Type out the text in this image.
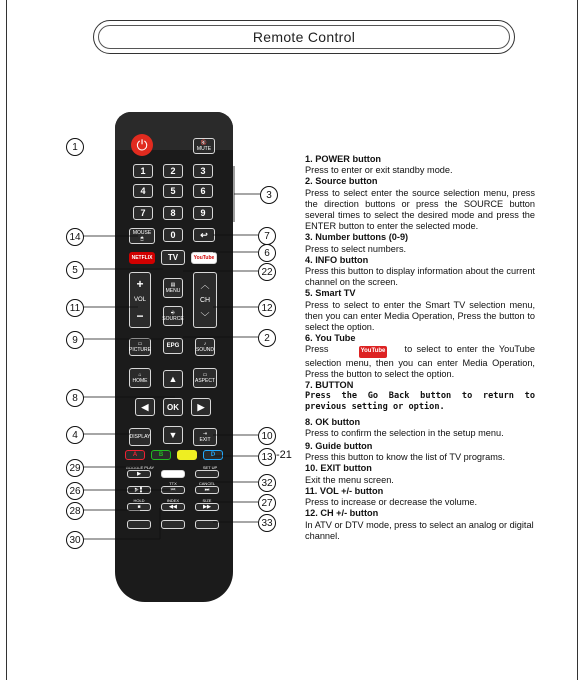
Remote Control
⏻	🔇
MUTE
1	2	3
4	5	6
7	8	9
MOUSE
🖱	0	↩
NETFLIX	TV	YouTube
+
VOL
−
▤
MENU
⎆
SOURCE
︿
CH
﹀
▭
PICTURE
EPG	♪
SOUND
⌂
HOME ▲	▭
ASPECT
◀	OK	▶
DISPLAY ▼	⇥
EXIT
A	B	C	D
GOOGLE PLAY	SET UP
▶
TTX	CANCEL
▶❚	⏮	⏭
HOLD	INDEX	SIZE
■	◀◀	▶▶
1
14
5
11
9
8
4
29
26
28
30
3
7
6
22
12
2
10
13 -21
32
27
33

1. POWER button

Press to enter or exit standby mode.

2. Source button

Press to select enter the source selection menu, press the direction buttons or press the SOURCE button several times to select the desired mode and press the ENTER button to enter the selected mode.

3. Number buttons (0-9)

Press to select numbers.

4. INFO button

Press this button to display information about the current channel on the screen.

5. Smart TV

Press to select to enter the Smart TV selection menu, then you can enter Media Operation, Press the button to select the option.

6. You Tube

Press	YouTube to select to enter the YouTube selection menu, then you can enter Media Operation, Press the button to select the option.

7. BUTTON

Press the Go Back button to return to previous setting or option.

8. OK button

Press to confirm the selection in the setup menu.

9. Guide button

Press this button to know the list of TV programs.

10. EXIT button

Exit the menu screen.

11. VOL +/- button

Press to increase or decrease the volume.

12. CH +/- button

In ATV or DTV mode, press to select an analog or digital channel.
